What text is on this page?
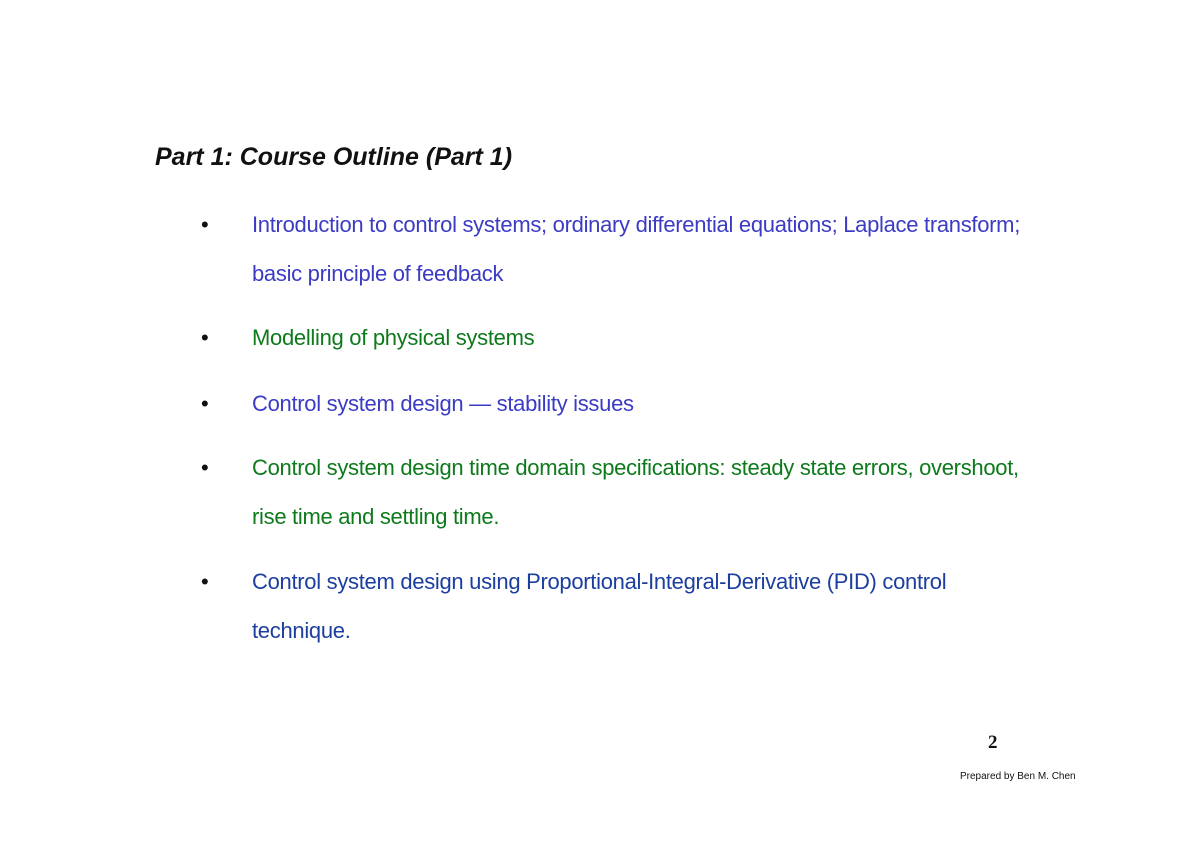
Part 1: Course Outline (Part 1)
• Introduction to control systems; ordinary differential equations; Laplace transform;
basic principle of feedback
• Modelling of physical systems
• Control system design — stability issues
• Control system design time domain specifications: steady state errors, overshoot,
rise time and settling time.
• Control system design using Proportional-Integral-Derivative (PID) control
technique.
2
Prepared by Ben M. Chen
